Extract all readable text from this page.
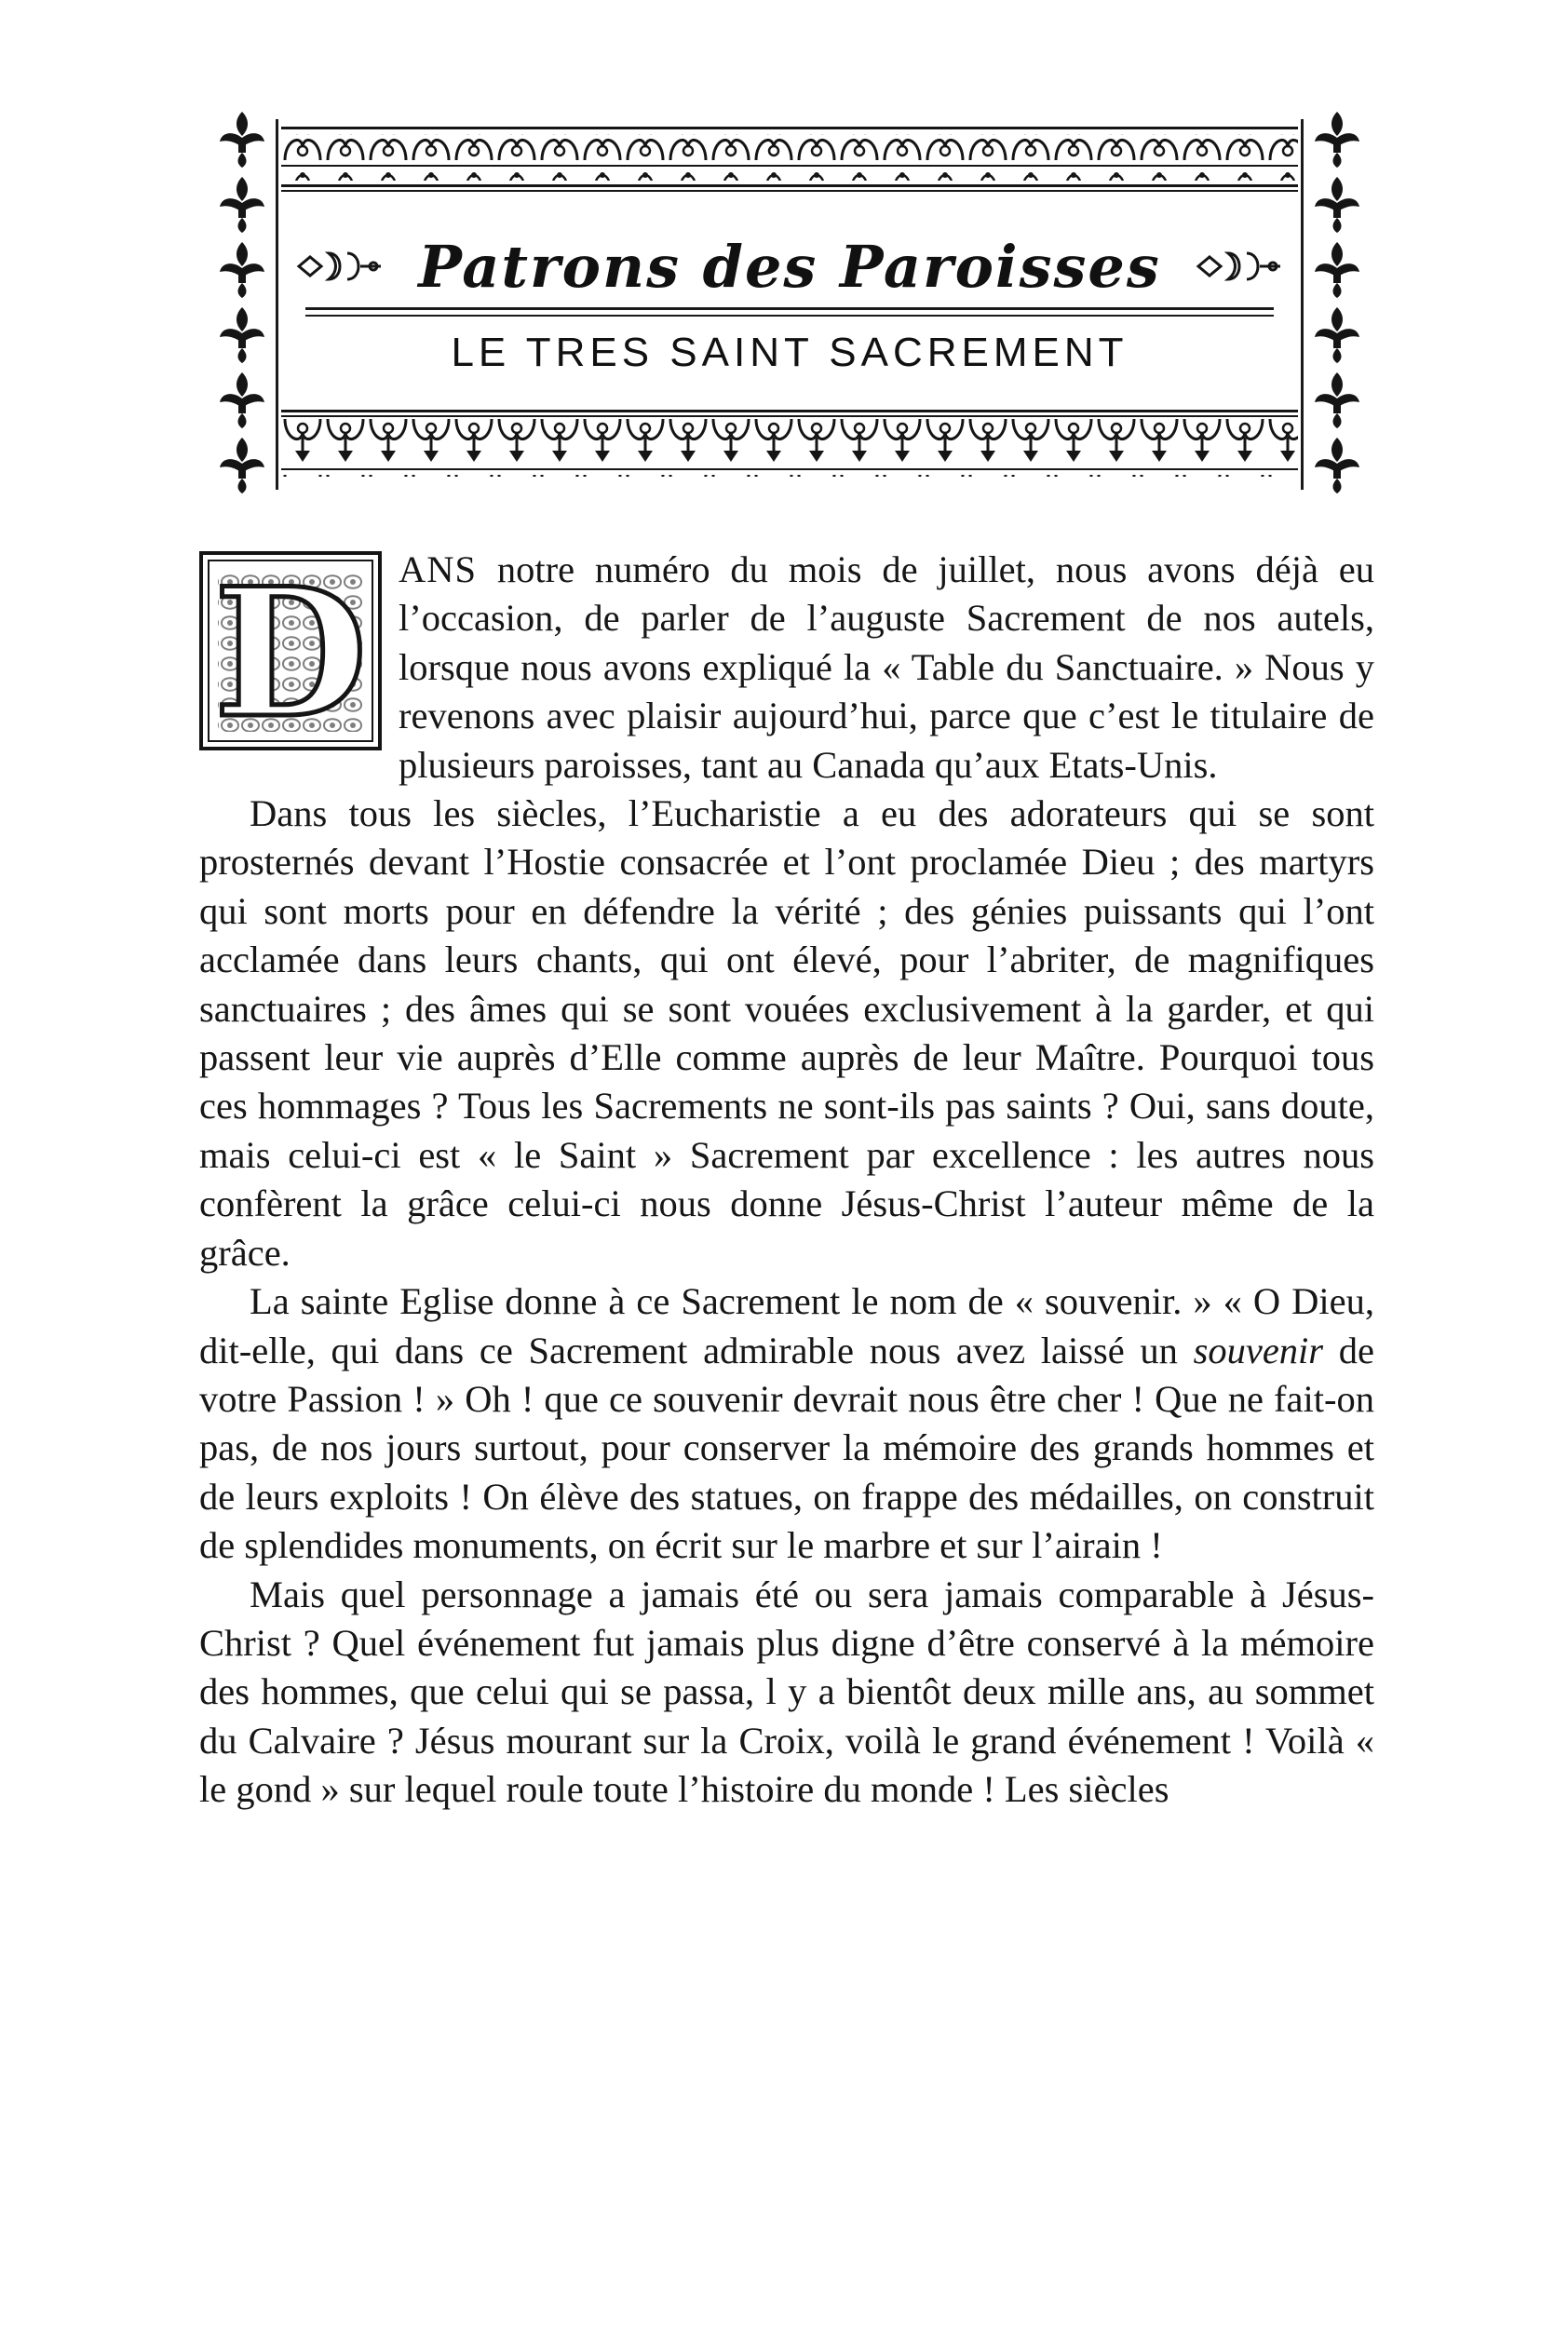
Patrons des Paroisses
LE TRES SAINT SACREMENT

D ANS notre numéro du mois de juillet, nous avons déjà eu l’occasion, de parler de l’auguste Sacrement de nos autels, lorsque nous avons expliqué la « Table du Sanctuaire. » Nous y revenons avec plaisir aujourd’hui, parce que c’est le titulaire de plusieurs paroisses, tant au Canada qu’aux Etats-Unis.

Dans tous les siècles, l’Eucharistie a eu des adorateurs qui se sont prosternés devant l’Hostie consacrée et l’ont proclamée Dieu ; des martyrs qui sont morts pour en défendre la vérité ; des génies puissants qui l’ont acclamée dans leurs chants, qui ont élevé, pour l’abriter, de magnifiques sanctuaires ; des âmes qui se sont vouées exclusivement à la garder, et qui passent leur vie auprès d’Elle comme auprès de leur Maître. Pourquoi tous ces hommages ? Tous les Sacrements ne sont-ils pas saints ? Oui, sans doute, mais celui-ci est « le Saint » Sacrement par excellence : les autres nous confèrent la grâce celui-ci nous donne Jésus-Christ l’auteur même de la grâce.

La sainte Eglise donne à ce Sacrement le nom de « souvenir. » « O Dieu, dit-elle, qui dans ce Sacrement admirable nous avez laissé un souvenir de votre Passion ! » Oh ! que ce souvenir devrait nous être cher ! Que ne fait-on pas, de nos jours surtout, pour conserver la mémoire des grands hommes et de leurs exploits ! On élève des statues, on frappe des médailles, on construit de splendides monuments, on écrit sur le marbre et sur l’airain !

Mais quel personnage a jamais été ou sera jamais comparable à Jésus-Christ ? Quel événement fut jamais plus digne d’être conservé à la mémoire des hommes, que celui qui se passa, l y a bientôt deux mille ans, au sommet du Calvaire ? Jésus mourant sur la Croix, voilà le grand événement ! Voilà « le gond » sur lequel roule toute l’histoire du monde ! Les siècles
